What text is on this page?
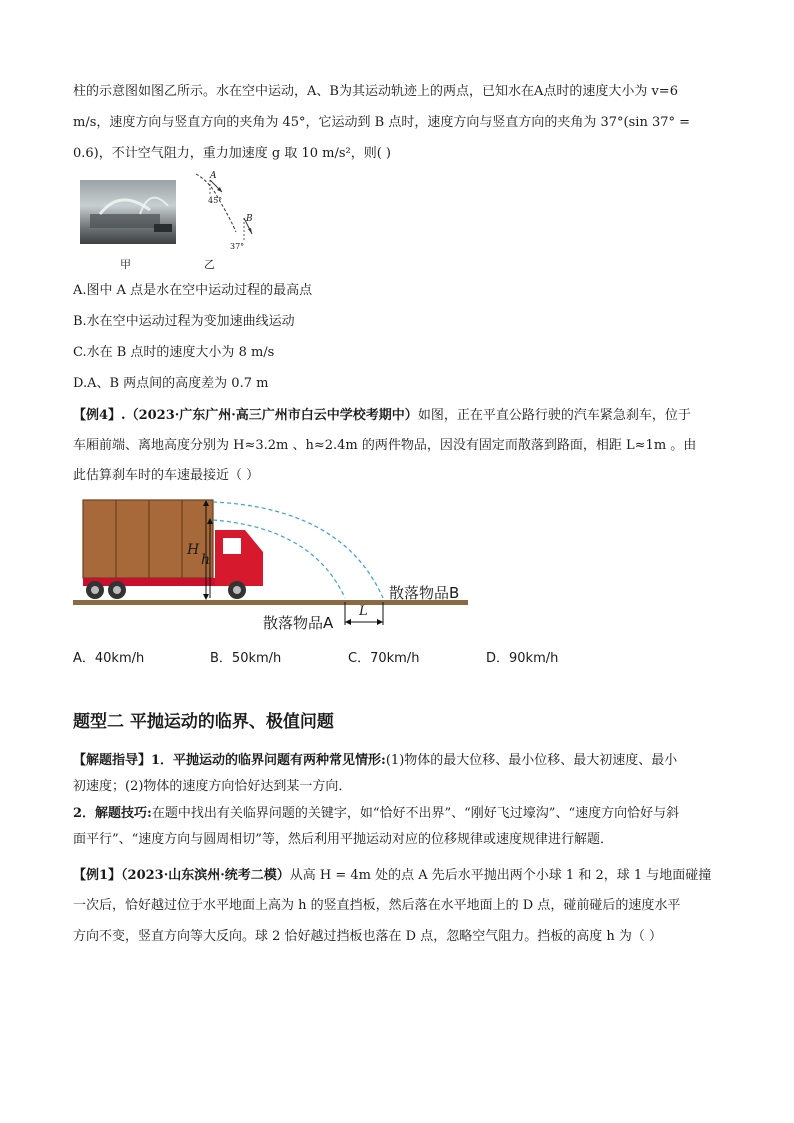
柱的示意图如图乙所示。水在空中运动，A、B为其运动轨迹上的两点，已知水在A点时的速度大小为 v=6
m/s，速度方向与竖直方向的夹角为 45°，它运动到 B 点时，速度方向与竖直方向的夹角为 37°(sin 37° =
0.6)，不计空气阻力，重力加速度 g 取 10 m/s²，则( )
甲
A
45°
B
37°
乙
A.图中 A 点是水在空中运动过程的最高点
B.水在空中运动过程为变加速曲线运动
C.水在 B 点时的速度大小为 8 m/s
D.A、B 两点间的高度差为 0.7 m
【例4】.（2023·广东广州·高三广州市白云中学校考期中）如图，正在平直公路行驶的汽车紧急刹车，位于
车厢前端、离地高度分别为 H≈3.2m 、h≈2.4m 的两件物品，因没有固定而散落到路面，相距 L≈1m 。由
此估算刹车时的车速最接近（ ）
H
h
L
散落物品A
散落物品B
A．40km/h	B．50km/h	C．70km/h	D．90km/h
题型二 平抛运动的临界、极值问题
【解题指导】1．平抛运动的临界问题有两种常见情形:(1)物体的最大位移、最小位移、最大初速度、最小
初速度；(2)物体的速度方向恰好达到某一方向．
2．解题技巧:在题中找出有关临界问题的关键字，如“恰好不出界”、“刚好飞过壕沟”、“速度方向恰好与斜
面平行”、“速度方向与圆周相切”等，然后利用平抛运动对应的位移规律或速度规律进行解题．
【例1】（2023·山东滨州·统考二模）从高 H = 4m 处的点 A 先后水平抛出两个小球 1 和 2，球 1 与地面碰撞
一次后，恰好越过位于水平地面上高为 h 的竖直挡板，然后落在水平地面上的 D 点，碰前碰后的速度水平
方向不变，竖直方向等大反向。球 2 恰好越过挡板也落在 D 点，忽略空气阻力。挡板的高度 h 为（ ）
